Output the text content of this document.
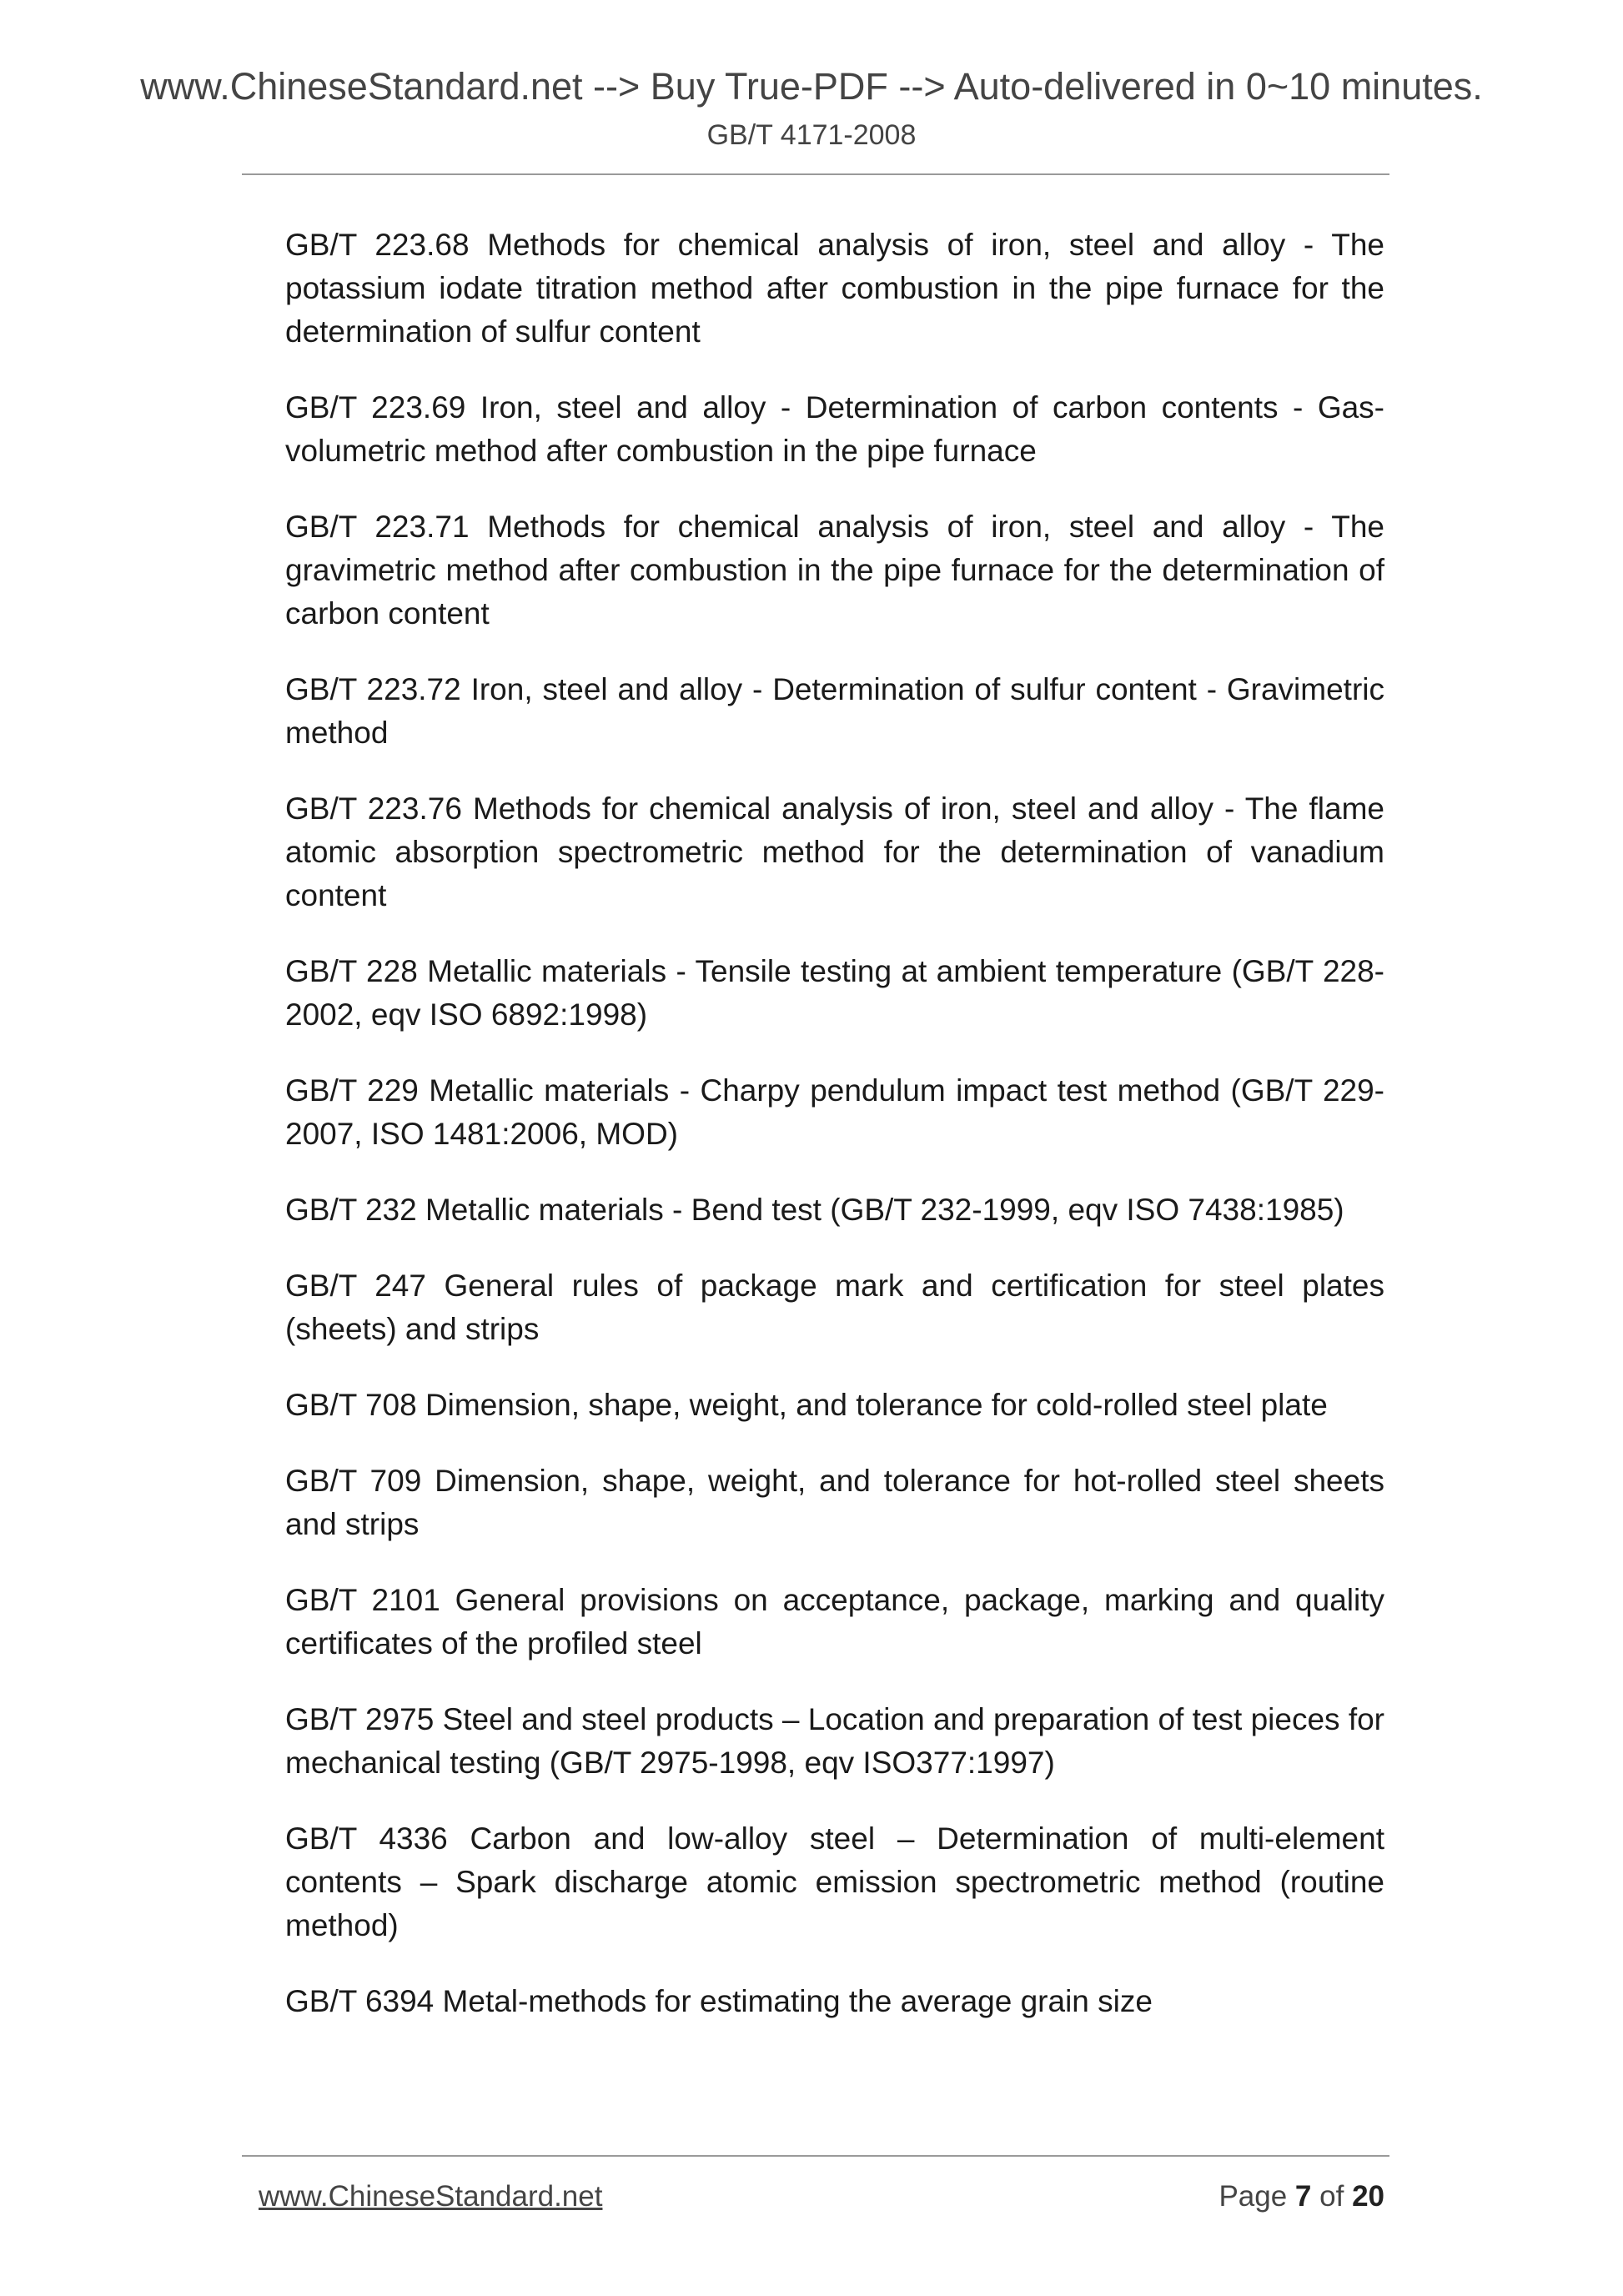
www.ChineseStandard.net --> Buy True-PDF --> Auto-delivered in 0~10 minutes.
GB/T 4171-2008

GB/T 223.68 Methods for chemical analysis of iron, steel and alloy - The potassium iodate titration method after combustion in the pipe furnace for the determination of sulfur content

GB/T 223.69 Iron, steel and alloy - Determination of carbon contents - Gas-volumetric method after combustion in the pipe furnace

GB/T 223.71 Methods for chemical analysis of iron, steel and alloy - The gravimetric method after combustion in the pipe furnace for the determination of carbon content

GB/T 223.72 Iron, steel and alloy - Determination of sulfur content - Gravimetric method

GB/T 223.76 Methods for chemical analysis of iron, steel and alloy - The flame atomic absorption spectrometric method for the determination of vanadium content

GB/T 228 Metallic materials - Tensile testing at ambient temperature (GB/T 228-2002, eqv ISO 6892:1998)

GB/T 229 Metallic materials - Charpy pendulum impact test method (GB/T 229-2007, ISO 1481:2006, MOD)

GB/T 232 Metallic materials - Bend test (GB/T 232-1999, eqv ISO 7438:1985)

GB/T 247 General rules of package mark and certification for steel plates (sheets) and strips

GB/T 708 Dimension, shape, weight, and tolerance for cold-rolled steel plate

GB/T 709 Dimension, shape, weight, and tolerance for hot-rolled steel sheets and strips

GB/T 2101 General provisions on acceptance, package, marking and quality certificates of the profiled steel

GB/T 2975 Steel and steel products – Location and preparation of test pieces for mechanical testing (GB/T 2975-1998, eqv ISO377:1997)

GB/T 4336 Carbon and low-alloy steel – Determination of multi-element contents – Spark discharge atomic emission spectrometric method (routine method)

GB/T 6394 Metal-methods for estimating the average grain size

www.ChineseStandard.net	Page 7 of 20
